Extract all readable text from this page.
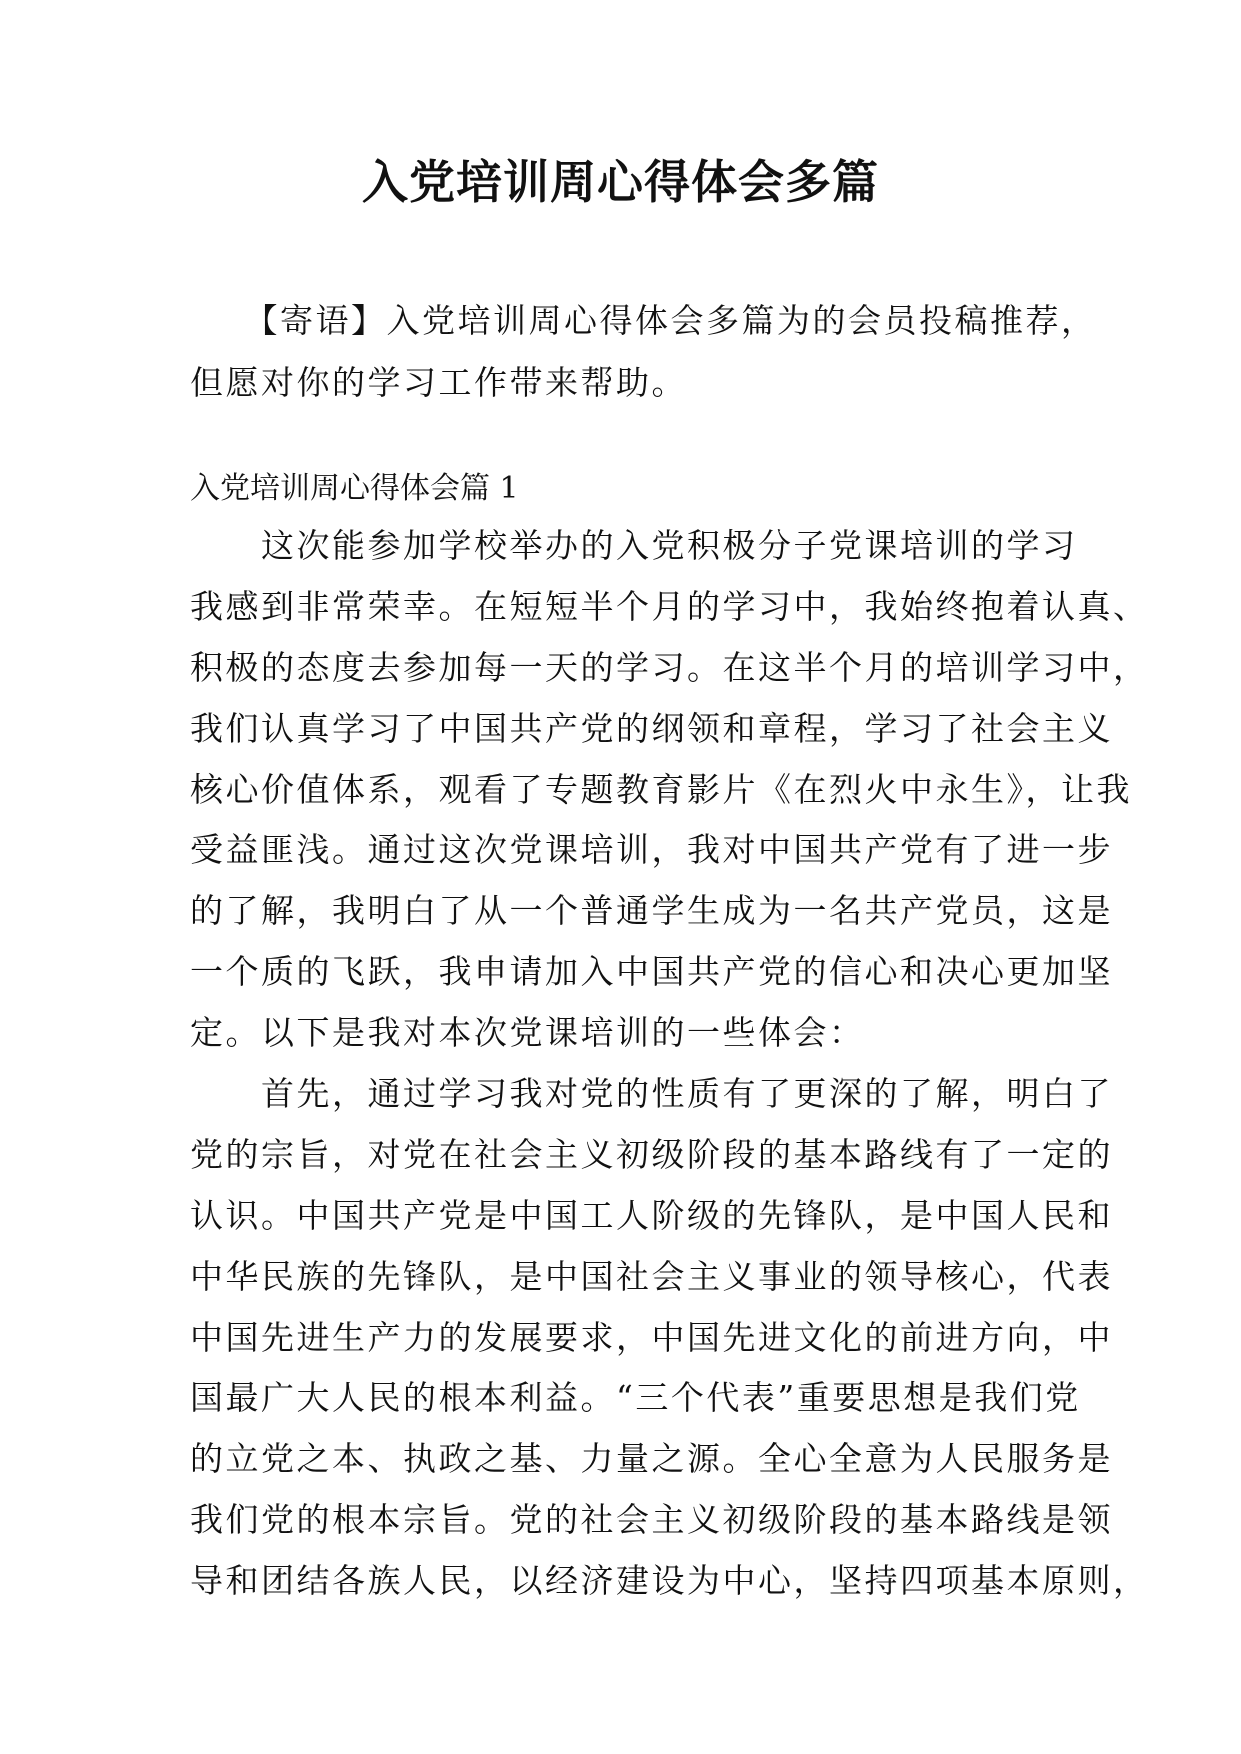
入党培训周心得体会多篇
　　【寄语】入党培训周心得体会多篇为的会员投稿推荐，
但愿对你的学习工作带来帮助。
入党培训周心得体会篇 1
　　这次能参加学校举办的入党积极分子党课培训的学习
我感到非常荣幸。在短短半个月的学习中，我始终抱着认真、
积极的态度去参加每一天的学习。在这半个月的培训学习中，
我们认真学习了中国共产党的纲领和章程，学习了社会主义
核心价值体系，观看了专题教育影片《在烈火中永生》，让我
受益匪浅。通过这次党课培训，我对中国共产党有了进一步
的了解，我明白了从一个普通学生成为一名共产党员，这是
一个质的飞跃，我申请加入中国共产党的信心和决心更加坚
定。以下是我对本次党课培训的一些体会：
　　首先，通过学习我对党的性质有了更深的了解，明白了
党的宗旨，对党在社会主义初级阶段的基本路线有了一定的
认识。中国共产党是中国工人阶级的先锋队，是中国人民和
中华民族的先锋队，是中国社会主义事业的领导核心，代表
中国先进生产力的发展要求，中国先进文化的前进方向，中
国最广大人民的根本利益。“三个代表”重要思想是我们党
的立党之本、执政之基、力量之源。全心全意为人民服务是
我们党的根本宗旨。党的社会主义初级阶段的基本路线是领
导和团结各族人民，以经济建设为中心，坚持四项基本原则，
